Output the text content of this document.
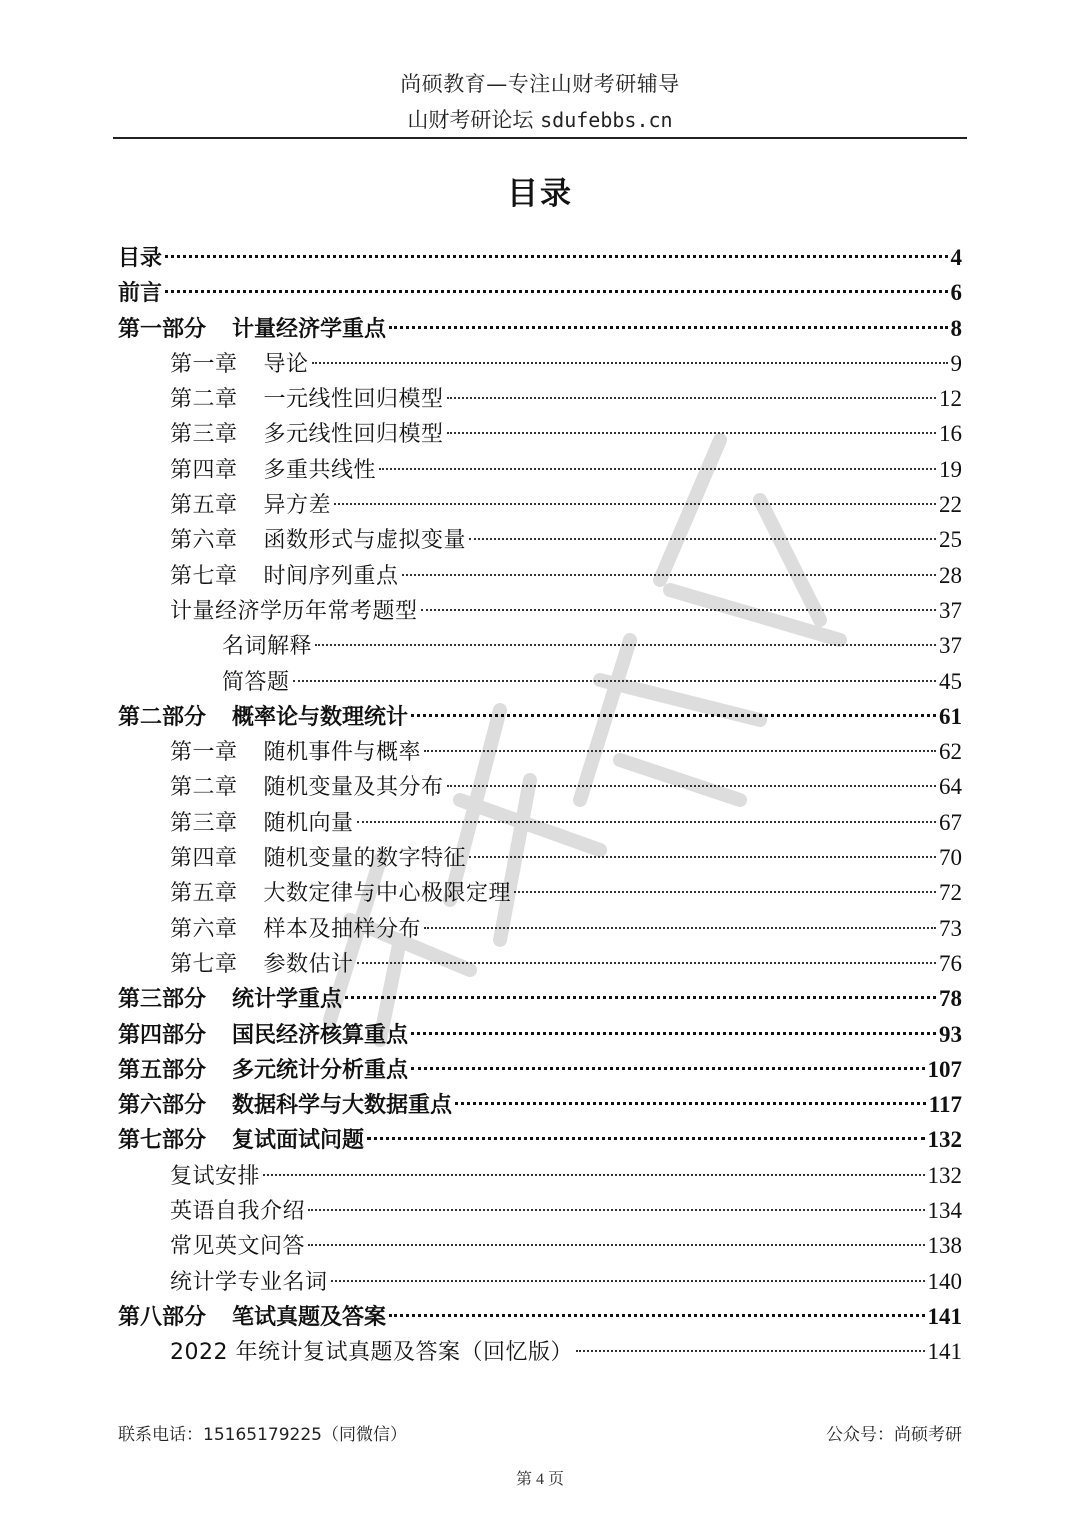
尚硕教育—专注山财考研辅导
山财考研论坛 sdufebbs.cn
目录
目录	4
前言	6
第一部分 计量经济学重点	8
第一章 导论	9
第二章 一元线性回归模型	12
第三章 多元线性回归模型	16
第四章 多重共线性	19
第五章 异方差	22
第六章 函数形式与虚拟变量	25
第七章 时间序列重点	28
计量经济学历年常考题型	37
名词解释	37
简答题	45
第二部分 概率论与数理统计	61
第一章 随机事件与概率	62
第二章 随机变量及其分布	64
第三章 随机向量	67
第四章 随机变量的数字特征	70
第五章 大数定律与中心极限定理	72
第六章 样本及抽样分布	73
第七章 参数估计	76
第三部分 统计学重点	78
第四部分 国民经济核算重点	93
第五部分 多元统计分析重点	107
第六部分 数据科学与大数据重点	117
第七部分 复试面试问题	132
复试安排	132
英语自我介绍	134
常见英文问答	138
统计学专业名词	140
第八部分 笔试真题及答案	141
2022 年统计复试真题及答案（回忆版）	141
联系电话：15165179225（同微信）	公众号：尚硕考研
第 4 页
